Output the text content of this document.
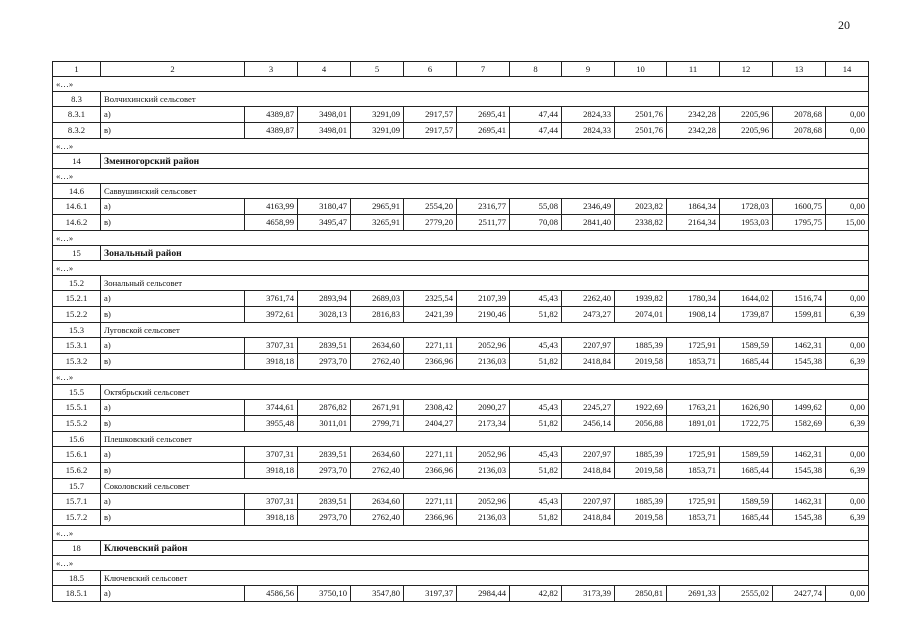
20
1	2	3	4	5	6	7	8	9	10	11	12	13	14
«…»													
8.3	Волчихинский сельсовет												
8.3.1	а)	4389,87	3498,01	3291,09	2917,57	2695,41	47,44	2824,33	2501,76	2342,28	2205,96	2078,68	0,00
8.3.2	в)	4389,87	3498,01	3291,09	2917,57	2695,41	47,44	2824,33	2501,76	2342,28	2205,96	2078,68	0,00
«…»													
14	Змеиногорский район												
«…»													
14.6	Саввушинский сельсовет												
14.6.1	а)	4163,99	3180,47	2965,91	2554,20	2316,77	55,08	2346,49	2023,82	1864,34	1728,03	1600,75	0,00
14.6.2	в)	4658,99	3495,47	3265,91	2779,20	2511,77	70,08	2841,40	2338,82	2164,34	1953,03	1795,75	15,00
«…»													
15	Зональный район												
«…»													
15.2	Зональный сельсовет												
15.2.1	а)	3761,74	2893,94	2689,03	2325,54	2107,39	45,43	2262,40	1939,82	1780,34	1644,02	1516,74	0,00
15.2.2	в)	3972,61	3028,13	2816,83	2421,39	2190,46	51,82	2473,27	2074,01	1908,14	1739,87	1599,81	6,39
15.3	Луговской сельсовет												
15.3.1	а)	3707,31	2839,51	2634,60	2271,11	2052,96	45,43	2207,97	1885,39	1725,91	1589,59	1462,31	0,00
15.3.2	в)	3918,18	2973,70	2762,40	2366,96	2136,03	51,82	2418,84	2019,58	1853,71	1685,44	1545,38	6,39
«…»													
15.5	Октябрьский сельсовет												
15.5.1	а)	3744,61	2876,82	2671,91	2308,42	2090,27	45,43	2245,27	1922,69	1763,21	1626,90	1499,62	0,00
15.5.2	в)	3955,48	3011,01	2799,71	2404,27	2173,34	51,82	2456,14	2056,88	1891,01	1722,75	1582,69	6,39
15.6	Плешковский сельсовет												
15.6.1	а)	3707,31	2839,51	2634,60	2271,11	2052,96	45,43	2207,97	1885,39	1725,91	1589,59	1462,31	0,00
15.6.2	в)	3918,18	2973,70	2762,40	2366,96	2136,03	51,82	2418,84	2019,58	1853,71	1685,44	1545,38	6,39
15.7	Соколовский сельсовет												
15.7.1	а)	3707,31	2839,51	2634,60	2271,11	2052,96	45,43	2207,97	1885,39	1725,91	1589,59	1462,31	0,00
15.7.2	в)	3918,18	2973,70	2762,40	2366,96	2136,03	51,82	2418,84	2019,58	1853,71	1685,44	1545,38	6,39
«…»													
18	Ключевский район												
«…»													
18.5	Ключевский сельсовет												
18.5.1	а)	4586,56	3750,10	3547,80	3197,37	2984,44	42,82	3173,39	2850,81	2691,33	2555,02	2427,74	0,00
